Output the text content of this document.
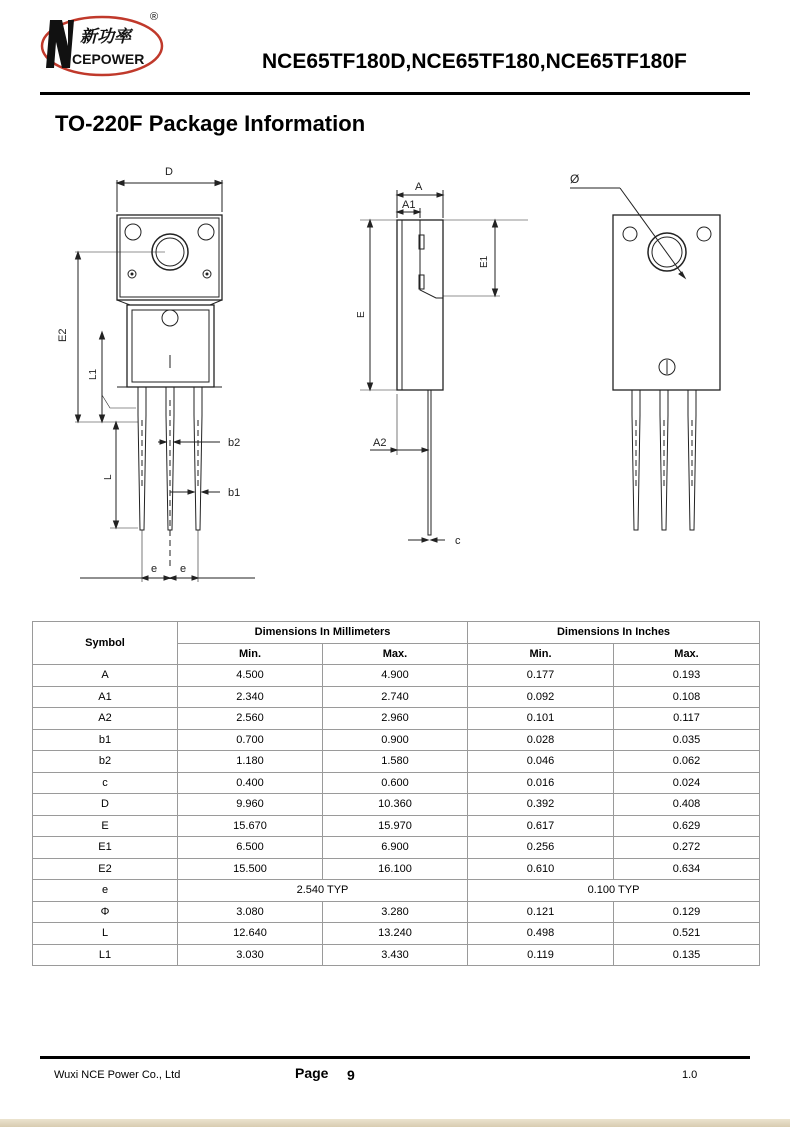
新功率
CEPOWER
®
NCE65TF180D,NCE65TF180,NCE65TF180F
TO-220F Package Information
D
E2
L1
L
b2
b1
e e
A
A1
E
E1
A2
c
Ø
Symbol	Dimensions In Millimeters		Dimensions In Inches	
	Min.	Max.	Min.	Max.
A	4.500	4.900	0.177	0.193
A1	2.340	2.740	0.092	0.108
A2	2.560	2.960	0.101	0.117
b1	0.700	0.900	0.028	0.035
b2	1.180	1.580	0.046	0.062
c	0.400	0.600	0.016	0.024
D	9.960	10.360	0.392	0.408
E	15.670	15.970	0.617	0.629
E1	6.500	6.900	0.256	0.272
E2	15.500	16.100	0.610	0.634
e	2.540 TYP		0.100 TYP	
Φ	3.080	3.280	0.121	0.129
L	12.640	13.240	0.498	0.521
L1	3.030	3.430	0.119	0.135
Wuxi NCE Power Co., Ltd	Page 9	1.0
